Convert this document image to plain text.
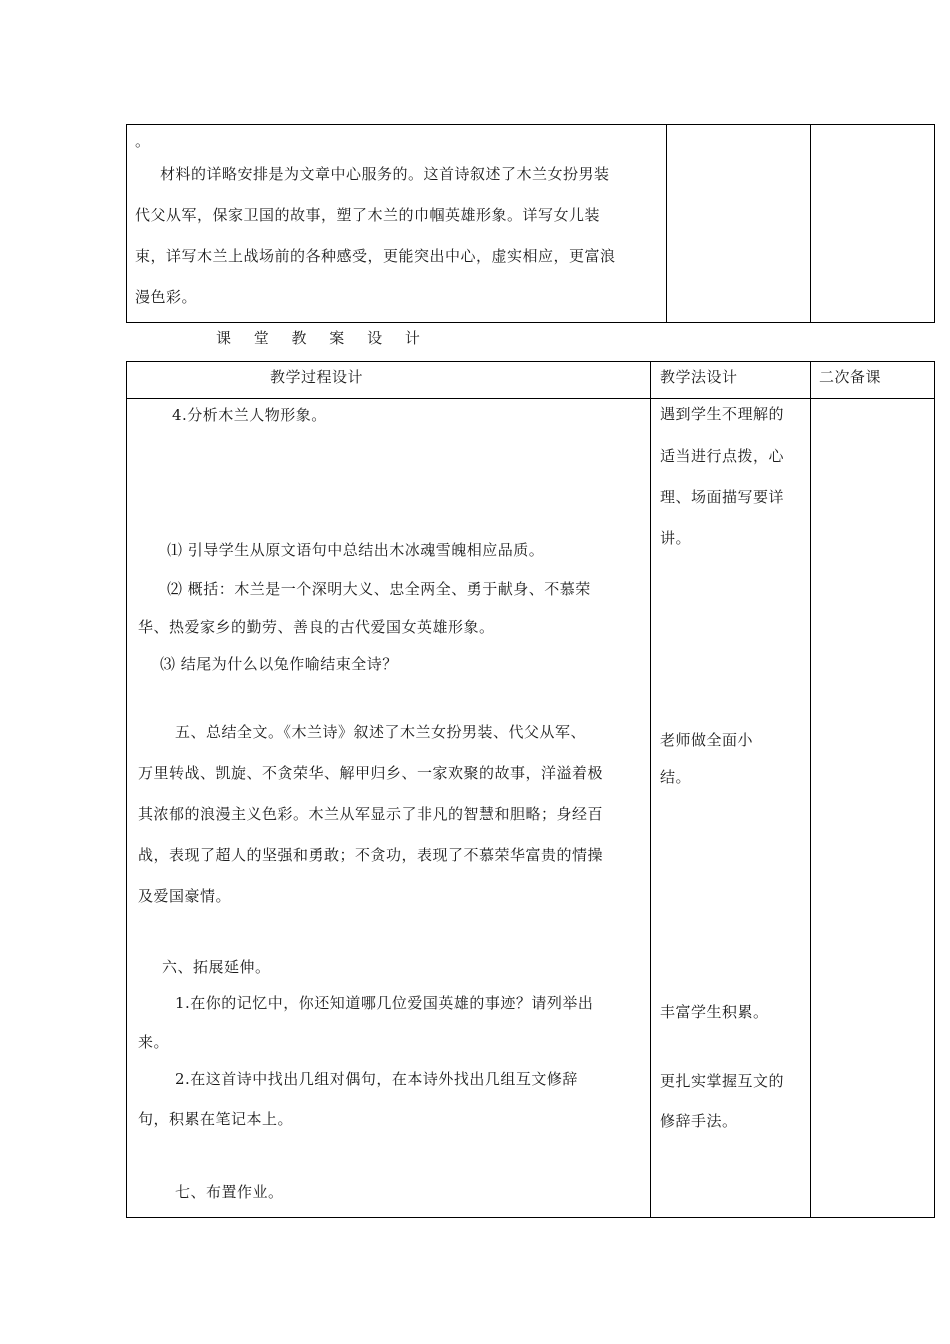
。
材料的详略安排是为文章中心服务的。这首诗叙述了木兰女扮男装
代父从军，保家卫国的故事，塑了木兰的巾帼英雄形象。详写女儿装
束，详写木兰上战场前的各种感受，更能突出中心，虚实相应，更富浪
漫色彩。
课 堂 教 案 设 计
教学过程设计	教学法设计	二次备课
4.分析木兰人物形象。
⑴ 引导学生从原文语句中总结出木冰魂雪魄相应品质。
⑵ 概括：木兰是一个深明大义、忠全两全、勇于献身、不慕荣
华、热爱家乡的勤劳、善良的古代爱国女英雄形象。
⑶ 结尾为什么以兔作喻结束全诗？
五、总结全文。《木兰诗》叙述了木兰女扮男装、代父从军、
万里转战、凯旋、不贪荣华、解甲归乡、一家欢聚的故事，洋溢着极
其浓郁的浪漫主义色彩。木兰从军显示了非凡的智慧和胆略；身经百
战，表现了超人的坚强和勇敢；不贪功，表现了不慕荣华富贵的情操
及爱国豪情。
六、拓展延伸。
1.在你的记忆中，你还知道哪几位爱国英雄的事迹？请列举出
来。
2.在这首诗中找出几组对偶句，在本诗外找出几组互文修辞
句，积累在笔记本上。
七、布置作业。
遇到学生不理解的
适当进行点拨，心
理、场面描写要详
讲。
老师做全面小
结。
丰富学生积累。
更扎实掌握互文的
修辞手法。
